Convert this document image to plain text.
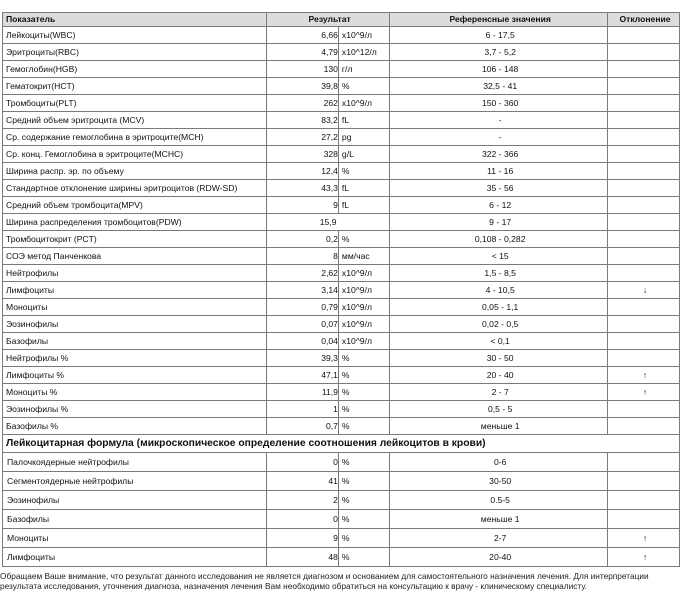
Показатель	Результат		Референсные значения	Отклонение
Лейкоциты(WBC)	6,66	x10^9/л	6 - 17,5	
Эритроциты(RBC)	4,79	x10^12/л	3,7 - 5,2	
Гемоглобин(HGB)	130	г/л	106 - 148	
Гематокрит(HCT)	39,8	%	32,5 - 41	
Тромбоциты(PLT)	262	x10^9/л	150 - 360	
Средний объем эритроцита (MCV)	83,2	fL	-	
Ср. содержание гемоглобина в эритроците(MCH)	27,2	pg	-	
Ср. конц. Гемоглобина в эритроците(MCHC)	328	g/L	322 - 366	
Ширина распр. эр. по объему	12,4	%	11 - 16	
Стандартное отклонение ширины эритроцитов (RDW-SD)	43,3	fL	35 - 56	
Средний объем тромбоцита(MPV)	9	fL	6 - 12	
Ширина распределения тромбоцитов(PDW)	15,9		9 - 17	
Тромбоцитокрит (PCT)	0,2	%	0,108 - 0,282	
СОЭ метод Панченкова	8	мм/час	< 15	
Нейтрофилы	2,62	x10^9/л	1,5 - 8,5	
Лимфоциты	3,14	x10^9/л	4 - 10,5	↓
Моноциты	0,79	x10^9/л	0,05 - 1,1	
Эозинофилы	0,07	x10^9/л	0,02 - 0,5	
Базофилы	0,04	x10^9/л	< 0,1	
Нейтрофилы %	39,3	%	30 - 50	
Лимфоциты %	47,1	%	20 - 40	↑
Моноциты %	11,9	%	2 - 7	↑
Эозинофилы %	1	%	0,5 - 5	
Базофилы %	0,7	%	меньше 1	
Лейкоцитарная формула (микроскопическое определение соотношения лейкоцитов в крови)				
Палочкоядерные нейтрофилы	0	%	0-6	
Сегментоядерные нейтрофилы	41	%	30-50	
Эозинофилы	2	%	0.5-5	
Базофилы	0	%	меньше 1	
Моноциты	9	%	2-7	↑
Лимфоциты	48	%	20-40	↑
Обращаем Ваше внимание, что результат данного исследования не является диагнозом и основанием для самостоятельного назначения лечения. Для интерпретации результата исследования, уточнения диагноза, назначения лечения Вам необходимо обратиться на консультацию к врачу - клиническому специалисту.
